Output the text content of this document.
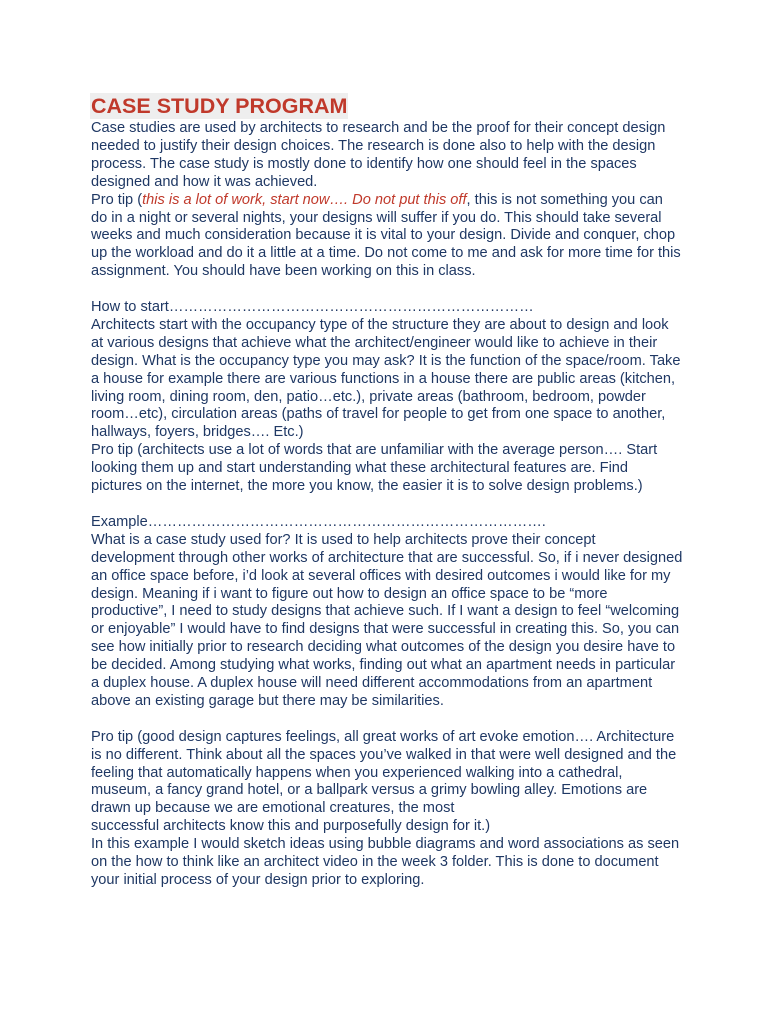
CASE STUDY PROGRAM

Case studies are used by architects to research and be the proof for their concept design needed to justify their design choices. The research is done also to help with the design process. The case study is mostly done to identify how one should feel in the spaces designed and how it was achieved.

Pro tip (this is a lot of work, start now…. Do not put this off, this is not something you can do in a night or several nights, your designs will suffer if you do. This should take several weeks and much consideration because it is vital to your design. Divide and conquer, chop up the workload and do it a little at a time. Do not come to me and ask for more time for this assignment. You should have been working on this in class.

How to start…………………………………………………………………

Architects start with the occupancy type of the structure they are about to design and look at various designs that achieve what the architect/engineer would like to achieve in their design. What is the occupancy type you may ask? It is the function of the space/room. Take a house for example there are various functions in a house there are public areas (kitchen, living room, dining room, den, patio…etc.), private areas (bathroom, bedroom, powder room…etc), circulation areas (paths of travel for people to get from one space to another, hallways, foyers, bridges…. Etc.)

Pro tip (architects use a lot of words that are unfamiliar with the average person…. Start looking them up and start understanding what these architectural features are. Find pictures on the internet, the more you know, the easier it is to solve design problems.)

Example……………………………………………………………………….

What is a case study used for? It is used to help architects prove their concept development through other works of architecture that are successful. So, if i never designed an office space before, i’d look at several offices with desired outcomes i would like for my design. Meaning if i want to figure out how to design an office space to be “more productive”, I need to study designs that achieve such. If I want a design to feel “welcoming or enjoyable” I would have to find designs that were successful in creating this. So, you can see how initially prior to research deciding what outcomes of the design you desire have to be decided. Among studying what works, finding out what an apartment needs in particular a duplex house. A duplex house will need different accommodations from an apartment above an existing garage but there may be similarities.

Pro tip (good design captures feelings, all great works of art evoke emotion…. Architecture is no different. Think about all the spaces you’ve walked in that were well designed and the feeling that automatically happens when you experienced walking into a cathedral, museum, a fancy grand hotel, or a ballpark versus a grimy bowling alley. Emotions are drawn up because we are emotional creatures, the most

successful architects know this and purposefully design for it.)

In this example I would sketch ideas using bubble diagrams and word associations as seen on the how to think like an architect video in the week 3 folder. This is done to document your initial process of your design prior to exploring.
